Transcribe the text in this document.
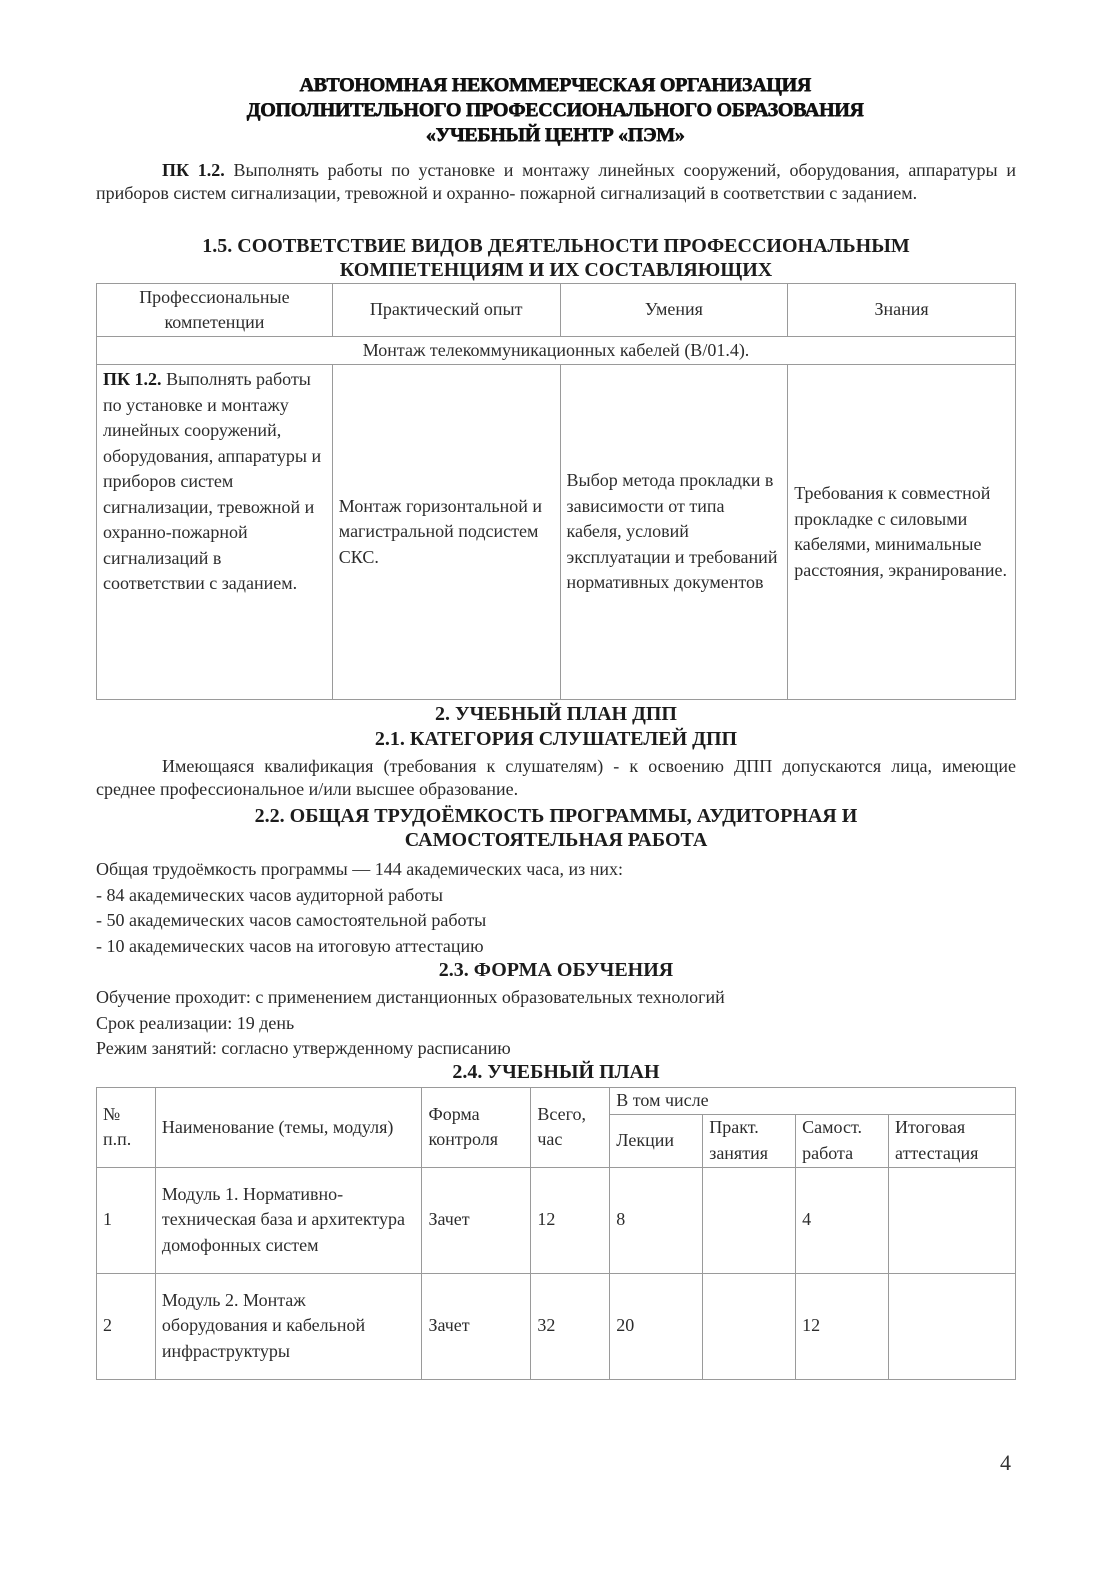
АВТОНОМНАЯ НЕКОММЕРЧЕСКАЯ ОРГАНИЗАЦИЯ
ДОПОЛНИТЕЛЬНОГО ПРОФЕССИОНАЛЬНОГО ОБРАЗОВАНИЯ
«УЧЕБНЫЙ ЦЕНТР «ПЭМ»
ПК 1.2. Выполнять работы по установке и монтажу линейных сооружений, оборудования, аппаратуры и приборов систем сигнализации, тревожной и охранно- пожарной сигнализаций в соответствии с заданием.
1.5. СООТВЕТСТВИЕ ВИДОВ ДЕЯТЕЛЬНОСТИ ПРОФЕССИОНАЛЬНЫМ
КОМПЕТЕНЦИЯМ И ИХ СОСТАВЛЯЮЩИХ
Профессиональные компетенции	Практический опыт	Умения	Знания
Монтаж телекоммуникационных кабелей (В/01.4).			
ПК 1.2. Выполнять работы по установке и монтажу линейных сооружений, оборудования, аппаратуры и приборов систем сигнализации, тревожной и охранно-пожарной сигнализаций в соответствии с заданием.	Монтаж горизонтальной и магистральной подсистем СКС.	Выбор метода прокладки в зависимости от типа кабеля, условий эксплуатации и требований нормативных документов	Требования к совместной прокладке с силовыми кабелями, минимальные расстояния, экранирование.
2. УЧЕБНЫЙ ПЛАН ДПП
2.1. КАТЕГОРИЯ СЛУШАТЕЛЕЙ ДПП
Имеющаяся квалификация (требования к слушателям) - к освоению ДПП допускаются лица, имеющие среднее профессиональное и/или высшее образование.
2.2. ОБЩАЯ ТРУДОЁМКОСТЬ ПРОГРАММЫ, АУДИТОРНАЯ И
САМОСТОЯТЕЛЬНАЯ РАБОТА
Общая трудоёмкость программы — 144 академических часа, из них:
- 84 академических часов аудиторной работы
- 50 академических часов самостоятельной работы
- 10 академических часов на итоговую аттестацию
2.3. ФОРМА ОБУЧЕНИЯ
Обучение проходит: с применением дистанционных образовательных технологий
Срок реализации: 19 день
Режим занятий: согласно утвержденному расписанию
2.4. УЧЕБНЫЙ ПЛАН
№ п.п.	Наименование (темы, модуля)	Форма контроля	Всего, час	В том числе			
				Лекции	Практ. занятия	Самост. работа	Итоговая аттестация
1	Модуль 1. Нормативно-техническая база и архитектура домофонных систем	Зачет	12	8		4	
2	Модуль 2. Монтаж оборудования и кабельной инфраструктуры	Зачет	32	20		12	
4
